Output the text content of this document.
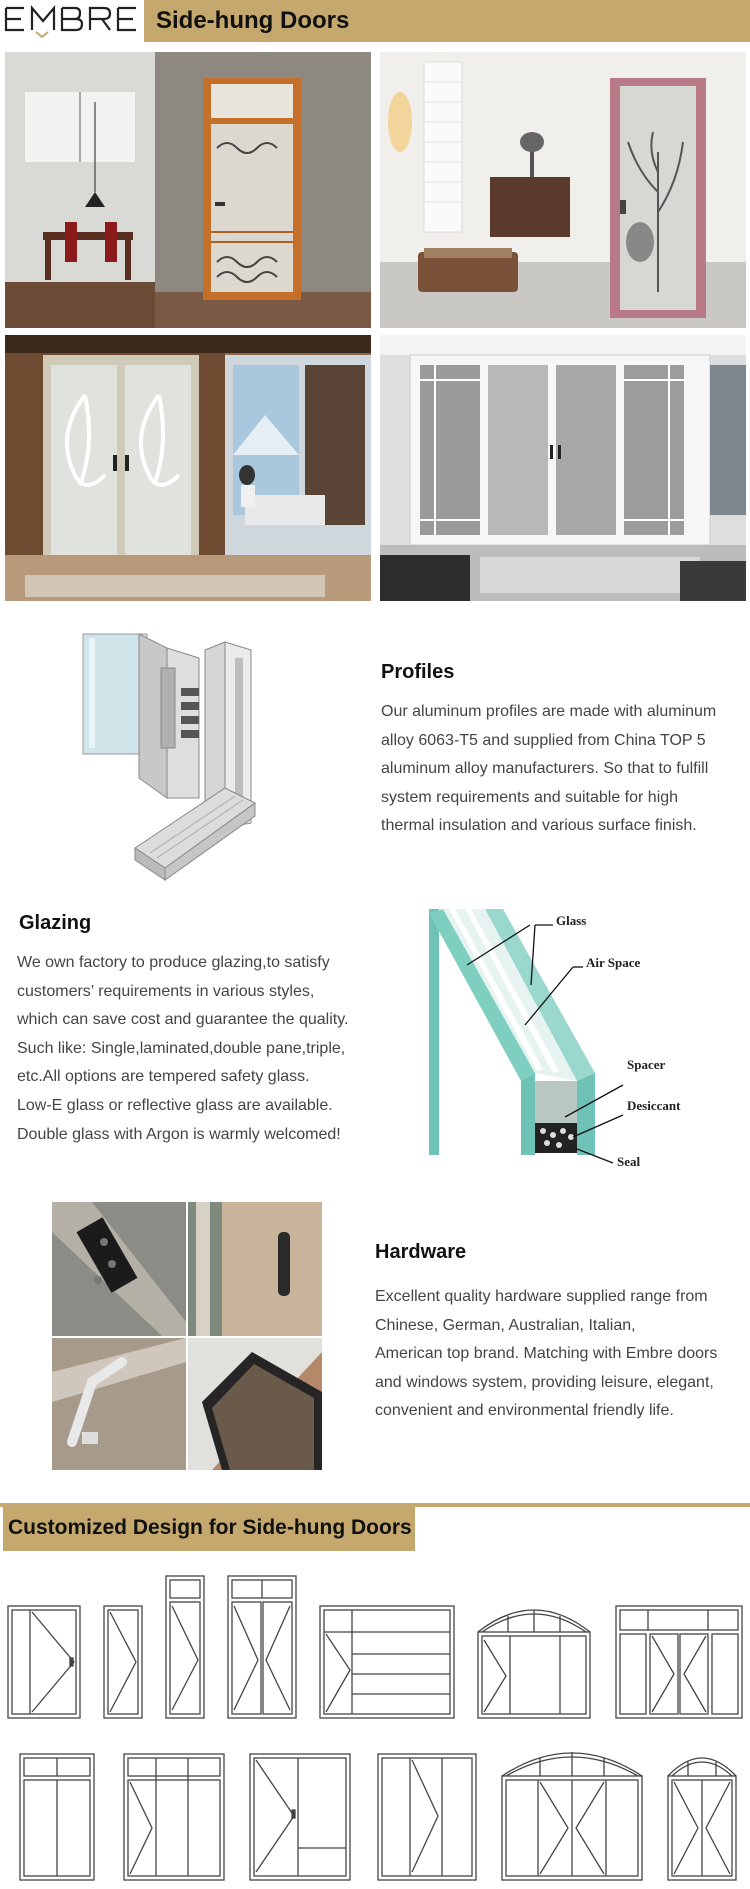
Side-hung Doors
Profiles

Our aluminum profiles are made with aluminum
alloy 6063-T5 and supplied from China TOP 5
aluminum alloy manufacturers. So that to fulfill
system requirements and suitable for high
thermal insulation and various surface finish.

Glazing

We own factory to produce glazing,to satisfy
customers’ requirements in various styles,
which can save cost and guarantee the quality.
Such like: Single,laminated,double pane,triple,
etc.All options are tempered safety glass.
Low-E glass or reflective glass are available.
Double glass with Argon is warmly welcomed!

Glass
Air Space
Spacer
Desiccant
Seal
Hardware

Excellent quality hardware supplied range from
Chinese, German, Australian, Italian,
American top brand. Matching with Embre doors
and windows system, providing leisure, elegant,
convenient and environmental friendly life.

Customized Design for Side-hung Doors
